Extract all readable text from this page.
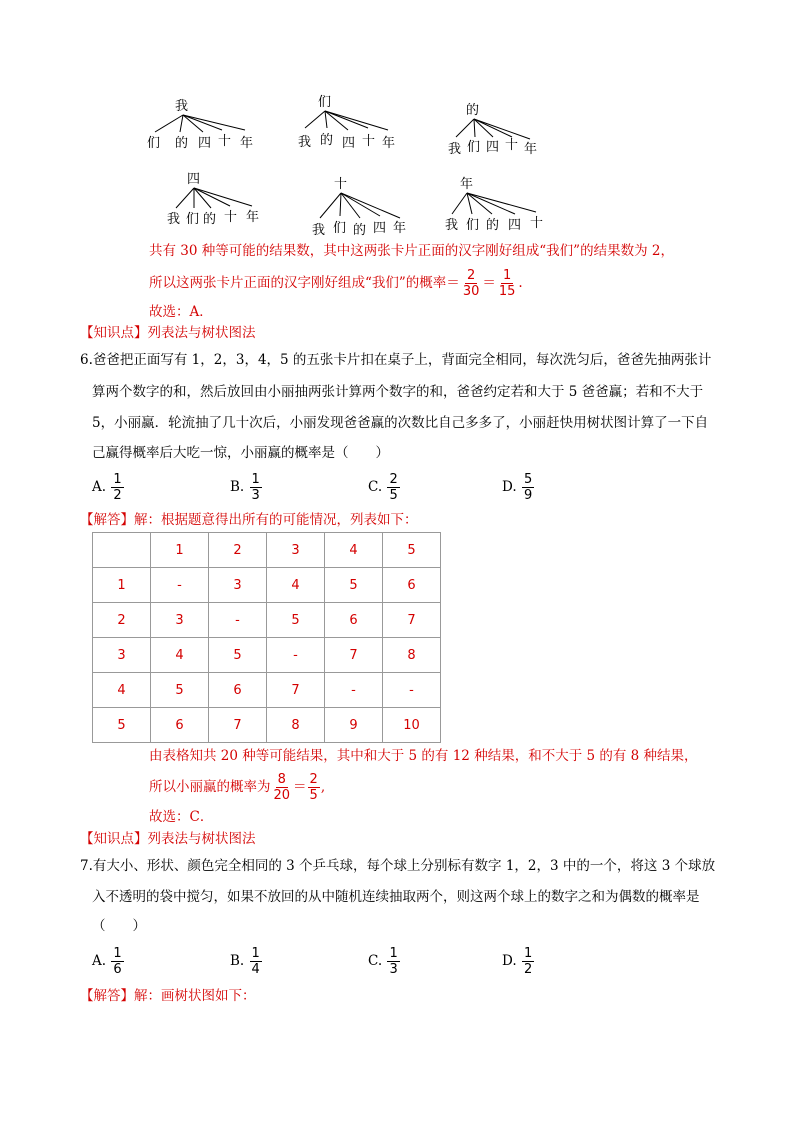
我
们 的 四 十 年
们
我 的 四 十 年
的
我 们 四 十 年
四
我 们 的 十 年
十
我 们 的 四 年
年
我 们 的 四 十
共有 30 种等可能的结果数，其中这两张卡片正面的汉字刚好组成“我们”的结果数为 2，
所以这两张卡片正面的汉字刚好组成“我们”的概率＝ $\frac{2}{30} = \frac{1}{15}$ .
故选：A．
【知识点】列表法与树状图法
6.爸爸把正面写有 1，2，3，4，5 的五张卡片扣在桌子上，背面完全相同，每次洗匀后，爸爸先抽两张计
算两个数字的和，然后放回由小丽抽两张计算两个数字的和，爸爸约定若和大于 5 爸爸赢；若和不大于
5，小丽赢．轮流抽了几十次后，小丽发现爸爸赢的次数比自己多多了，小丽赶快用树状图计算了一下自
己赢得概率后大吃一惊，小丽赢的概率是（　　）
A. $\frac{1}{2}$	B. $\frac{1}{3}$	C. $\frac{2}{5}$	D. $\frac{5}{9}$
【解答】解：根据题意得出所有的可能情况，列表如下：
	1	2	3	4	5
1	-	3	4	5	6
2	3	-	5	6	7
3	4	5	-	7	8
4	5	6	7	-	-
5	6	7	8	9	10
由表格知共 20 种等可能结果，其中和大于 5 的有 12 种结果，和不大于 5 的有 8 种结果，
所以小丽赢的概率为 $\frac{8}{20} = \frac{2}{5}$ ,
故选：C．
【知识点】列表法与树状图法
7.有大小、形状、颜色完全相同的 3 个乒乓球，每个球上分别标有数字 1，2，3 中的一个，将这 3 个球放
入不透明的袋中搅匀，如果不放回的从中随机连续抽取两个，则这两个球上的数字之和为偶数的概率是
（　　）
A. $\frac{1}{6}$	B. $\frac{1}{4}$	C. $\frac{1}{3}$	D. $\frac{1}{2}$
【解答】解：画树状图如下：
